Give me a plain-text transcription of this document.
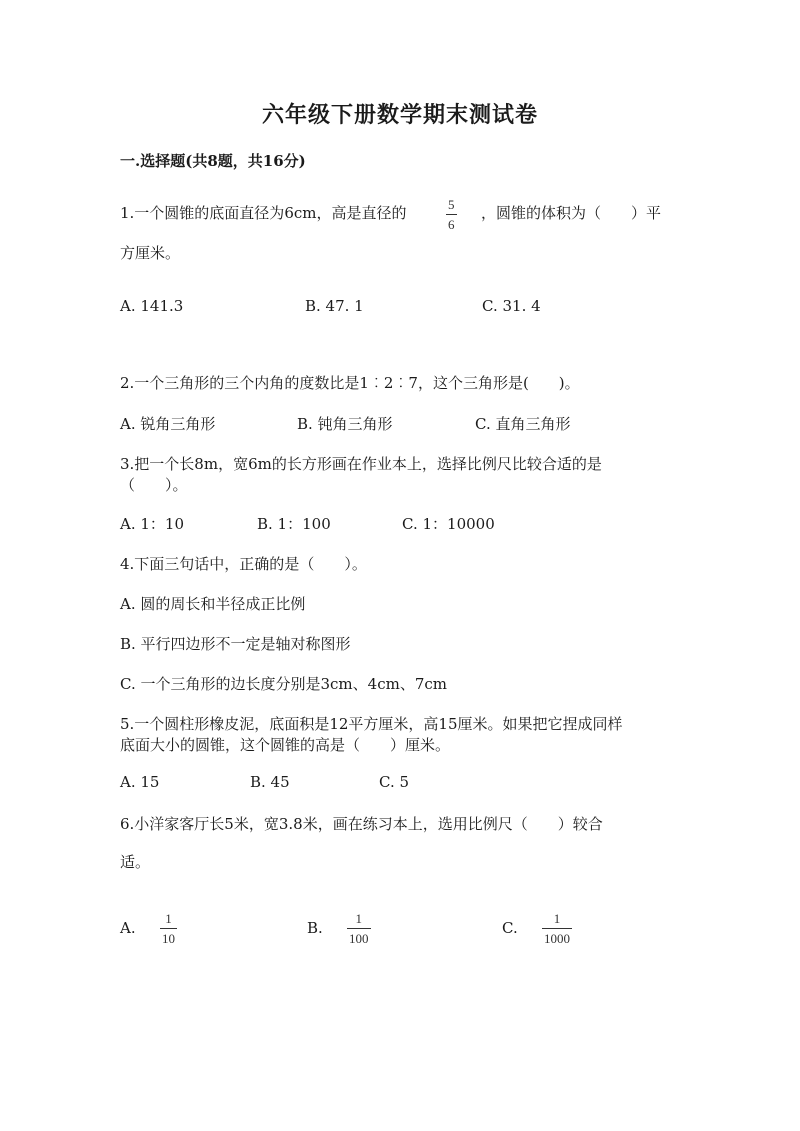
六年级下册数学期末测试卷
一.选择题(共8题，共16分)
1.一个圆锥的底面直径为6cm，高是直径的	5
6
，圆锥的体积为（　　）平
方厘米。
A. 141.3	B. 47. 1	C. 31. 4
2.一个三角形的三个内角的度数比是1︰2︰7，这个三角形是(　　)。
A. 锐角三角形	B. 钝角三角形	C. 直角三角形
3.把一个长8m，宽6m的长方形画在作业本上，选择比例尺比较合适的是
（　　）。
A. 1：10	B. 1：100	C. 1：10000
4.下面三句话中，正确的是（　　）。
A. 圆的周长和半径成正比例
B. 平行四边形不一定是轴对称图形
C. 一个三角形的边长度分别是3cm、4cm、7cm
5.一个圆柱形橡皮泥，底面积是12平方厘米，高15厘米。如果把它捏成同样
底面大小的圆锥，这个圆锥的高是（　　）厘米。
A. 15	B. 45	C. 5
6.小洋家客厅长5米，宽3.8米，画在练习本上，选用比例尺（　　）较合
适。
A.
1
10
B.
1
100
C.
1
1000
